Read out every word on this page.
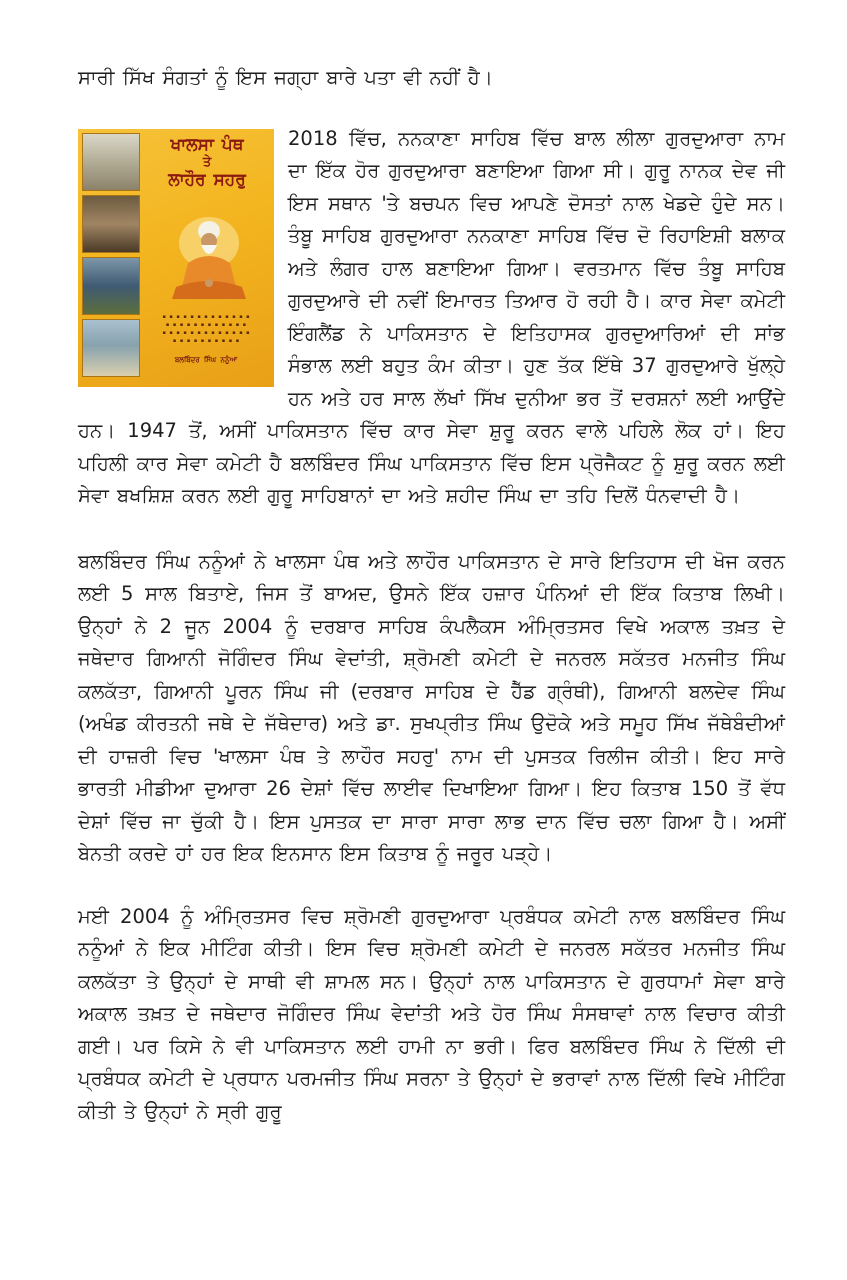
ਸਾਰੀ ਸਿੱਖ ਸੰਗਤਾਂ ਨੂੰ ਇਸ ਜਗ੍ਹਾ ਬਾਰੇ ਪਤਾ ਵੀ ਨਹੀਂ ਹੈ।

ਖਾਲਸਾ ਪੰਥ
ਤੇ
ਲਾਹੌਰ ਸਹਰੁ
▪ ▪ ▪ ▪ ▪ ▪ ▪ ▪ ▪ ▪ ▪ ▪ ▪
▪ ▪ ▪ ▪ ▪ ▪ ▪ ▪ ▪ ▪ ▪ ▪
▪ ▪ ▪ ▪ ▪ ▪ ▪ ▪ ▪ ▪ ▪ ▪ ▪
▪ ▪ ▪ ▪ ▪ ▪ ▪ ▪ ▪ ▪
ਬਲਬਿੰਦਰ ਸਿੰਘ ਨਨੂੰਆਂ
2018 ਵਿੱਚ, ਨਨਕਾਣਾ ਸਾਹਿਬ ਵਿੱਚ ਬਾਲ ਲੀਲਾ ਗੁਰਦੁਆਰਾ ਨਾਮ ਦਾ ਇੱਕ ਹੋਰ ਗੁਰਦੁਆਰਾ ਬਣਾਇਆ ਗਿਆ ਸੀ। ਗੁਰੂ ਨਾਨਕ ਦੇਵ ਜੀ ਇਸ ਸਥਾਨ 'ਤੇ ਬਚਪਨ ਵਿਚ ਆਪਣੇ ਦੋਸਤਾਂ ਨਾਲ ਖੇਡਦੇ ਹੁੰਦੇ ਸਨ। ਤੰਬੂ ਸਾਹਿਬ ਗੁਰਦੁਆਰਾ ਨਨਕਾਣਾ ਸਾਹਿਬ ਵਿੱਚ ਦੋ ਰਿਹਾਇਸ਼ੀ ਬਲਾਕ ਅਤੇ ਲੰਗਰ ਹਾਲ ਬਣਾਇਆ ਗਿਆ। ਵਰਤਮਾਨ ਵਿੱਚ ਤੰਬੂ ਸਾਹਿਬ ਗੁਰਦੁਆਰੇ ਦੀ ਨਵੀਂ ਇਮਾਰਤ ਤਿਆਰ ਹੋ ਰਹੀ ਹੈ। ਕਾਰ ਸੇਵਾ ਕਮੇਟੀ ਇੰਗਲੈਂਡ ਨੇ ਪਾਕਿਸਤਾਨ ਦੇ ਇਤਿਹਾਸਕ ਗੁਰਦੁਆਰਿਆਂ ਦੀ ਸਾਂਭ ਸੰਭਾਲ ਲਈ ਬਹੁਤ ਕੰਮ ਕੀਤਾ। ਹੁਣ ਤੱਕ ਇੱਥੇ 37 ਗੁਰਦੁਆਰੇ ਖੁੱਲ੍ਹੇ ਹਨ ਅਤੇ ਹਰ ਸਾਲ ਲੱਖਾਂ ਸਿੱਖ ਦੁਨੀਆ ਭਰ ਤੋਂ ਦਰਸ਼ਨਾਂ ਲਈ ਆਉਂਦੇ ਹਨ। 1947 ਤੋਂ, ਅਸੀਂ ਪਾਕਿਸਤਾਨ ਵਿੱਚ ਕਾਰ ਸੇਵਾ ਸ਼ੁਰੂ ਕਰਨ ਵਾਲੇ ਪਹਿਲੇ ਲੋਕ ਹਾਂ। ਇਹ ਪਹਿਲੀ ਕਾਰ ਸੇਵਾ ਕਮੇਟੀ ਹੈ ਬਲਬਿੰਦਰ ਸਿੰਘ ਪਾਕਿਸਤਾਨ ਵਿੱਚ ਇਸ ਪ੍ਰੋਜੈਕਟ ਨੂੰ ਸ਼ੁਰੂ ਕਰਨ ਲਈ ਸੇਵਾ ਬਖਸ਼ਿਸ਼ ਕਰਨ ਲਈ ਗੁਰੂ ਸਾਹਿਬਾਨਾਂ ਦਾ ਅਤੇ ਸ਼ਹੀਦ ਸਿੰਘ ਦਾ ਤਹਿ ਦਿਲੋਂ ਧੰਨਵਾਦੀ ਹੈ।

ਬਲਬਿੰਦਰ ਸਿੰਘ ਨਨੂੰਆਂ ਨੇ ਖਾਲਸਾ ਪੰਥ ਅਤੇ ਲਾਹੌਰ ਪਾਕਿਸਤਾਨ ਦੇ ਸਾਰੇ ਇਤਿਹਾਸ ਦੀ ਖੋਜ ਕਰਨ ਲਈ 5 ਸਾਲ ਬਿਤਾਏ, ਜਿਸ ਤੋਂ ਬਾਅਦ, ਉਸਨੇ ਇੱਕ ਹਜ਼ਾਰ ਪੰਨਿਆਂ ਦੀ ਇੱਕ ਕਿਤਾਬ ਲਿਖੀ। ਉਨ੍ਹਾਂ ਨੇ 2 ਜੂਨ 2004 ਨੂੰ ਦਰਬਾਰ ਸਾਹਿਬ ਕੰਪਲੈਕਸ ਅੰਮ੍ਰਿਤਸਰ ਵਿਖੇ ਅਕਾਲ ਤਖ਼ਤ ਦੇ ਜਥੇਦਾਰ ਗਿਆਨੀ ਜੋਗਿੰਦਰ ਸਿੰਘ ਵੇਦਾਂਤੀ, ਸ਼੍ਰੋਮਣੀ ਕਮੇਟੀ ਦੇ ਜਨਰਲ ਸਕੱਤਰ ਮਨਜੀਤ ਸਿੰਘ ਕਲਕੱਤਾ, ਗਿਆਨੀ ਪੂਰਨ ਸਿੰਘ ਜੀ (ਦਰਬਾਰ ਸਾਹਿਬ ਦੇ ਹੈੱਡ ਗ੍ਰੰਥੀ), ਗਿਆਨੀ ਬਲਦੇਵ ਸਿੰਘ (ਅਖੰਡ ਕੀਰਤਨੀ ਜਥੇ ਦੇ ਜੱਥੇਦਾਰ) ਅਤੇ ਡਾ. ਸੁਖਪ੍ਰੀਤ ਸਿੰਘ ਉਦੋਕੇ ਅਤੇ ਸਮੂਹ ਸਿੱਖ ਜੱਥੇਬੰਦੀਆਂ ਦੀ ਹਾਜ਼ਰੀ ਵਿਚ 'ਖਾਲਸਾ ਪੰਥ ਤੇ ਲਾਹੌਰ ਸਹਰੁ' ਨਾਮ ਦੀ ਪੁਸਤਕ ਰਿਲੀਜ ਕੀਤੀ। ਇਹ ਸਾਰੇ ਭਾਰਤੀ ਮੀਡੀਆ ਦੁਆਰਾ 26 ਦੇਸ਼ਾਂ ਵਿੱਚ ਲਾਈਵ ਦਿਖਾਇਆ ਗਿਆ। ਇਹ ਕਿਤਾਬ 150 ਤੋਂ ਵੱਧ ਦੇਸ਼ਾਂ ਵਿੱਚ ਜਾ ਚੁੱਕੀ ਹੈ। ਇਸ ਪੁਸਤਕ ਦਾ ਸਾਰਾ ਸਾਰਾ ਲਾਭ ਦਾਨ ਵਿੱਚ ਚਲਾ ਗਿਆ ਹੈ। ਅਸੀਂ ਬੇਨਤੀ ਕਰਦੇ ਹਾਂ ਹਰ ਇਕ ਇਨਸਾਨ ਇਸ ਕਿਤਾਬ ਨੂੰ ਜਰੂਰ ਪੜ੍ਹੇ।

ਮਈ 2004 ਨੂੰ ਅੰਮ੍ਰਿਤਸਰ ਵਿਚ ਸ਼੍ਰੋਮਣੀ ਗੁਰਦੁਆਰਾ ਪ੍ਰਬੰਧਕ ਕਮੇਟੀ ਨਾਲ ਬਲਬਿੰਦਰ ਸਿੰਘ ਨਨੂੰਆਂ ਨੇ ਇਕ ਮੀਟਿੰਗ ਕੀਤੀ। ਇਸ ਵਿਚ ਸ਼੍ਰੋਮਣੀ ਕਮੇਟੀ ਦੇ ਜਨਰਲ ਸਕੱਤਰ ਮਨਜੀਤ ਸਿੰਘ ਕਲਕੱਤਾ ਤੇ ਉਨ੍ਹਾਂ ਦੇ ਸਾਥੀ ਵੀ ਸ਼ਾਮਲ ਸਨ। ਉਨ੍ਹਾਂ ਨਾਲ ਪਾਕਿਸਤਾਨ ਦੇ ਗੁਰਧਾਮਾਂ ਸੇਵਾ ਬਾਰੇ ਅਕਾਲ ਤਖ਼ਤ ਦੇ ਜਥੇਦਾਰ ਜੋਗਿੰਦਰ ਸਿੰਘ ਵੇਦਾਂਤੀ ਅਤੇ ਹੋਰ ਸਿੰਘ ਸੰਸਥਾਵਾਂ ਨਾਲ ਵਿਚਾਰ ਕੀਤੀ ਗਈ। ਪਰ ਕਿਸੇ ਨੇ ਵੀ ਪਾਕਿਸਤਾਨ ਲਈ ਹਾਮੀ ਨਾ ਭਰੀ। ਫਿਰ ਬਲਬਿੰਦਰ ਸਿੰਘ ਨੇ ਦਿੱਲੀ ਦੀ ਪ੍ਰਬੰਧਕ ਕਮੇਟੀ ਦੇ ਪ੍ਰਧਾਨ ਪਰਮਜੀਤ ਸਿੰਘ ਸਰਨਾ ਤੇ ਉਨ੍ਹਾਂ ਦੇ ਭਰਾਵਾਂ ਨਾਲ ਦਿੱਲੀ ਵਿਖੇ ਮੀਟਿੰਗ ਕੀਤੀ ਤੇ ਉਨ੍ਹਾਂ ਨੇ ਸ੍ਰੀ ਗੁਰੂ
